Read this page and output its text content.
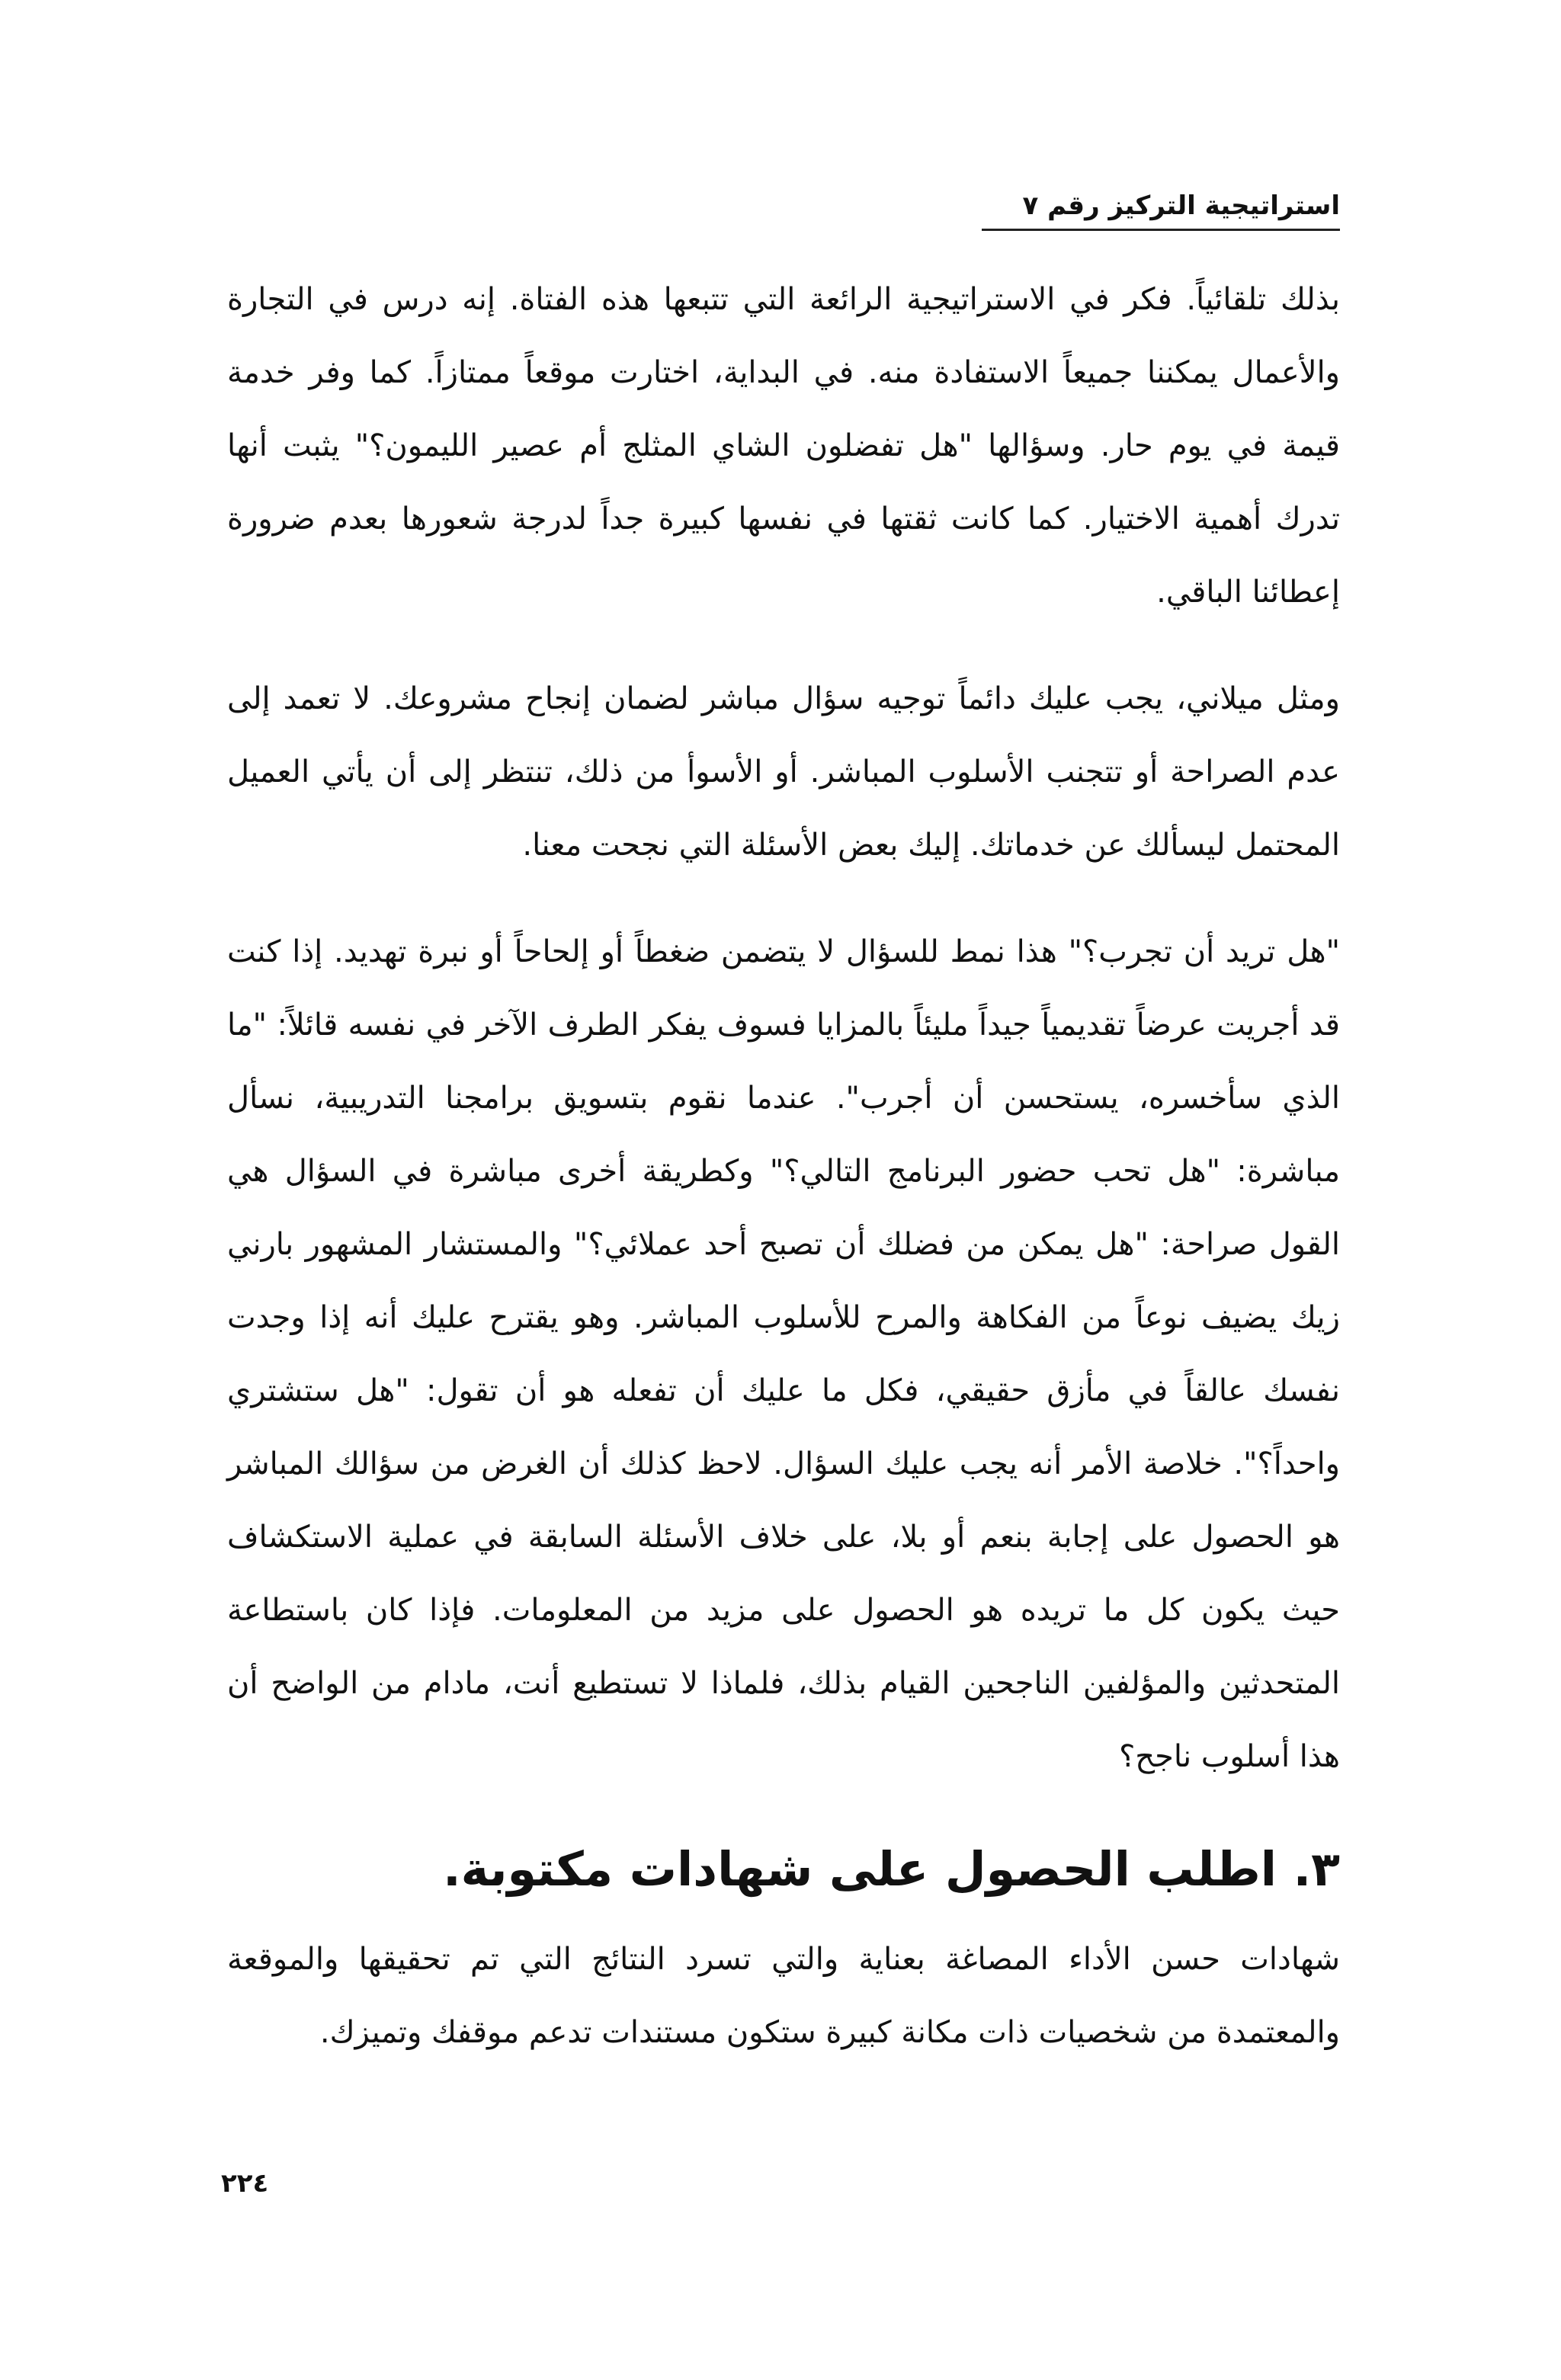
استراتيجية التركيز رقم ٧

بذلك تلقائياً. فكر في الاستراتيجية الرائعة التي تتبعها هذه الفتاة. إنه درس في التجارة والأعمال يمكننا جميعاً الاستفادة منه. في البداية، اختارت موقعاً ممتازاً. كما وفر خدمة قيمة في يوم حار. وسؤالها "هل تفضلون الشاي المثلج أم عصير الليمون؟" يثبت أنها تدرك أهمية الاختيار. كما كانت ثقتها في نفسها كبيرة جداً لدرجة شعورها بعدم ضرورة إعطائنا الباقي.

ومثل ميلاني، يجب عليك دائماً توجيه سؤال مباشر لضمان إنجاح مشروعك. لا تعمد إلى عدم الصراحة أو تتجنب الأسلوب المباشر. أو الأسوأ من ذلك، تنتظر إلى أن يأتي العميل المحتمل ليسألك عن خدماتك. إليك بعض الأسئلة التي نجحت معنا.

"هل تريد أن تجرب؟" هذا نمط للسؤال لا يتضمن ضغطاً أو إلحاحاً أو نبرة تهديد. إذا كنت قد أجريت عرضاً تقديمياً جيداً مليئاً بالمزايا فسوف يفكر الطرف الآخر في نفسه قائلاً: "ما الذي سأخسره، يستحسن أن أجرب". عندما نقوم بتسويق برامجنا التدريبية، نسأل مباشرة: "هل تحب حضور البرنامج التالي؟" وكطريقة أخرى مباشرة في السؤال هي القول صراحة: "هل يمكن من فضلك أن تصبح أحد عملائي؟" والمستشار المشهور بارني زيك يضيف نوعاً من الفكاهة والمرح للأسلوب المباشر. وهو يقترح عليك أنه إذا وجدت نفسك عالقاً في مأزق حقيقي، فكل ما عليك أن تفعله هو أن تقول: "هل ستشتري واحداً؟". خلاصة الأمر أنه يجب عليك السؤال. لاحظ كذلك أن الغرض من سؤالك المباشر هو الحصول على إجابة بنعم أو بلا، على خلاف الأسئلة السابقة في عملية الاستكشاف حيث يكون كل ما تريده هو الحصول على مزيد من المعلومات. فإذا كان باستطاعة المتحدثين والمؤلفين الناجحين القيام بذلك، فلماذا لا تستطيع أنت، مادام من الواضح أن هذا أسلوب ناجح؟

٣. اطلب الحصول على شهادات مكتوبة.

شهادات حسن الأداء المصاغة بعناية والتي تسرد النتائج التي تم تحقيقها والموقعة والمعتمدة من شخصيات ذات مكانة كبيرة ستكون مستندات تدعم موقفك وتميزك.

٢٢٤
